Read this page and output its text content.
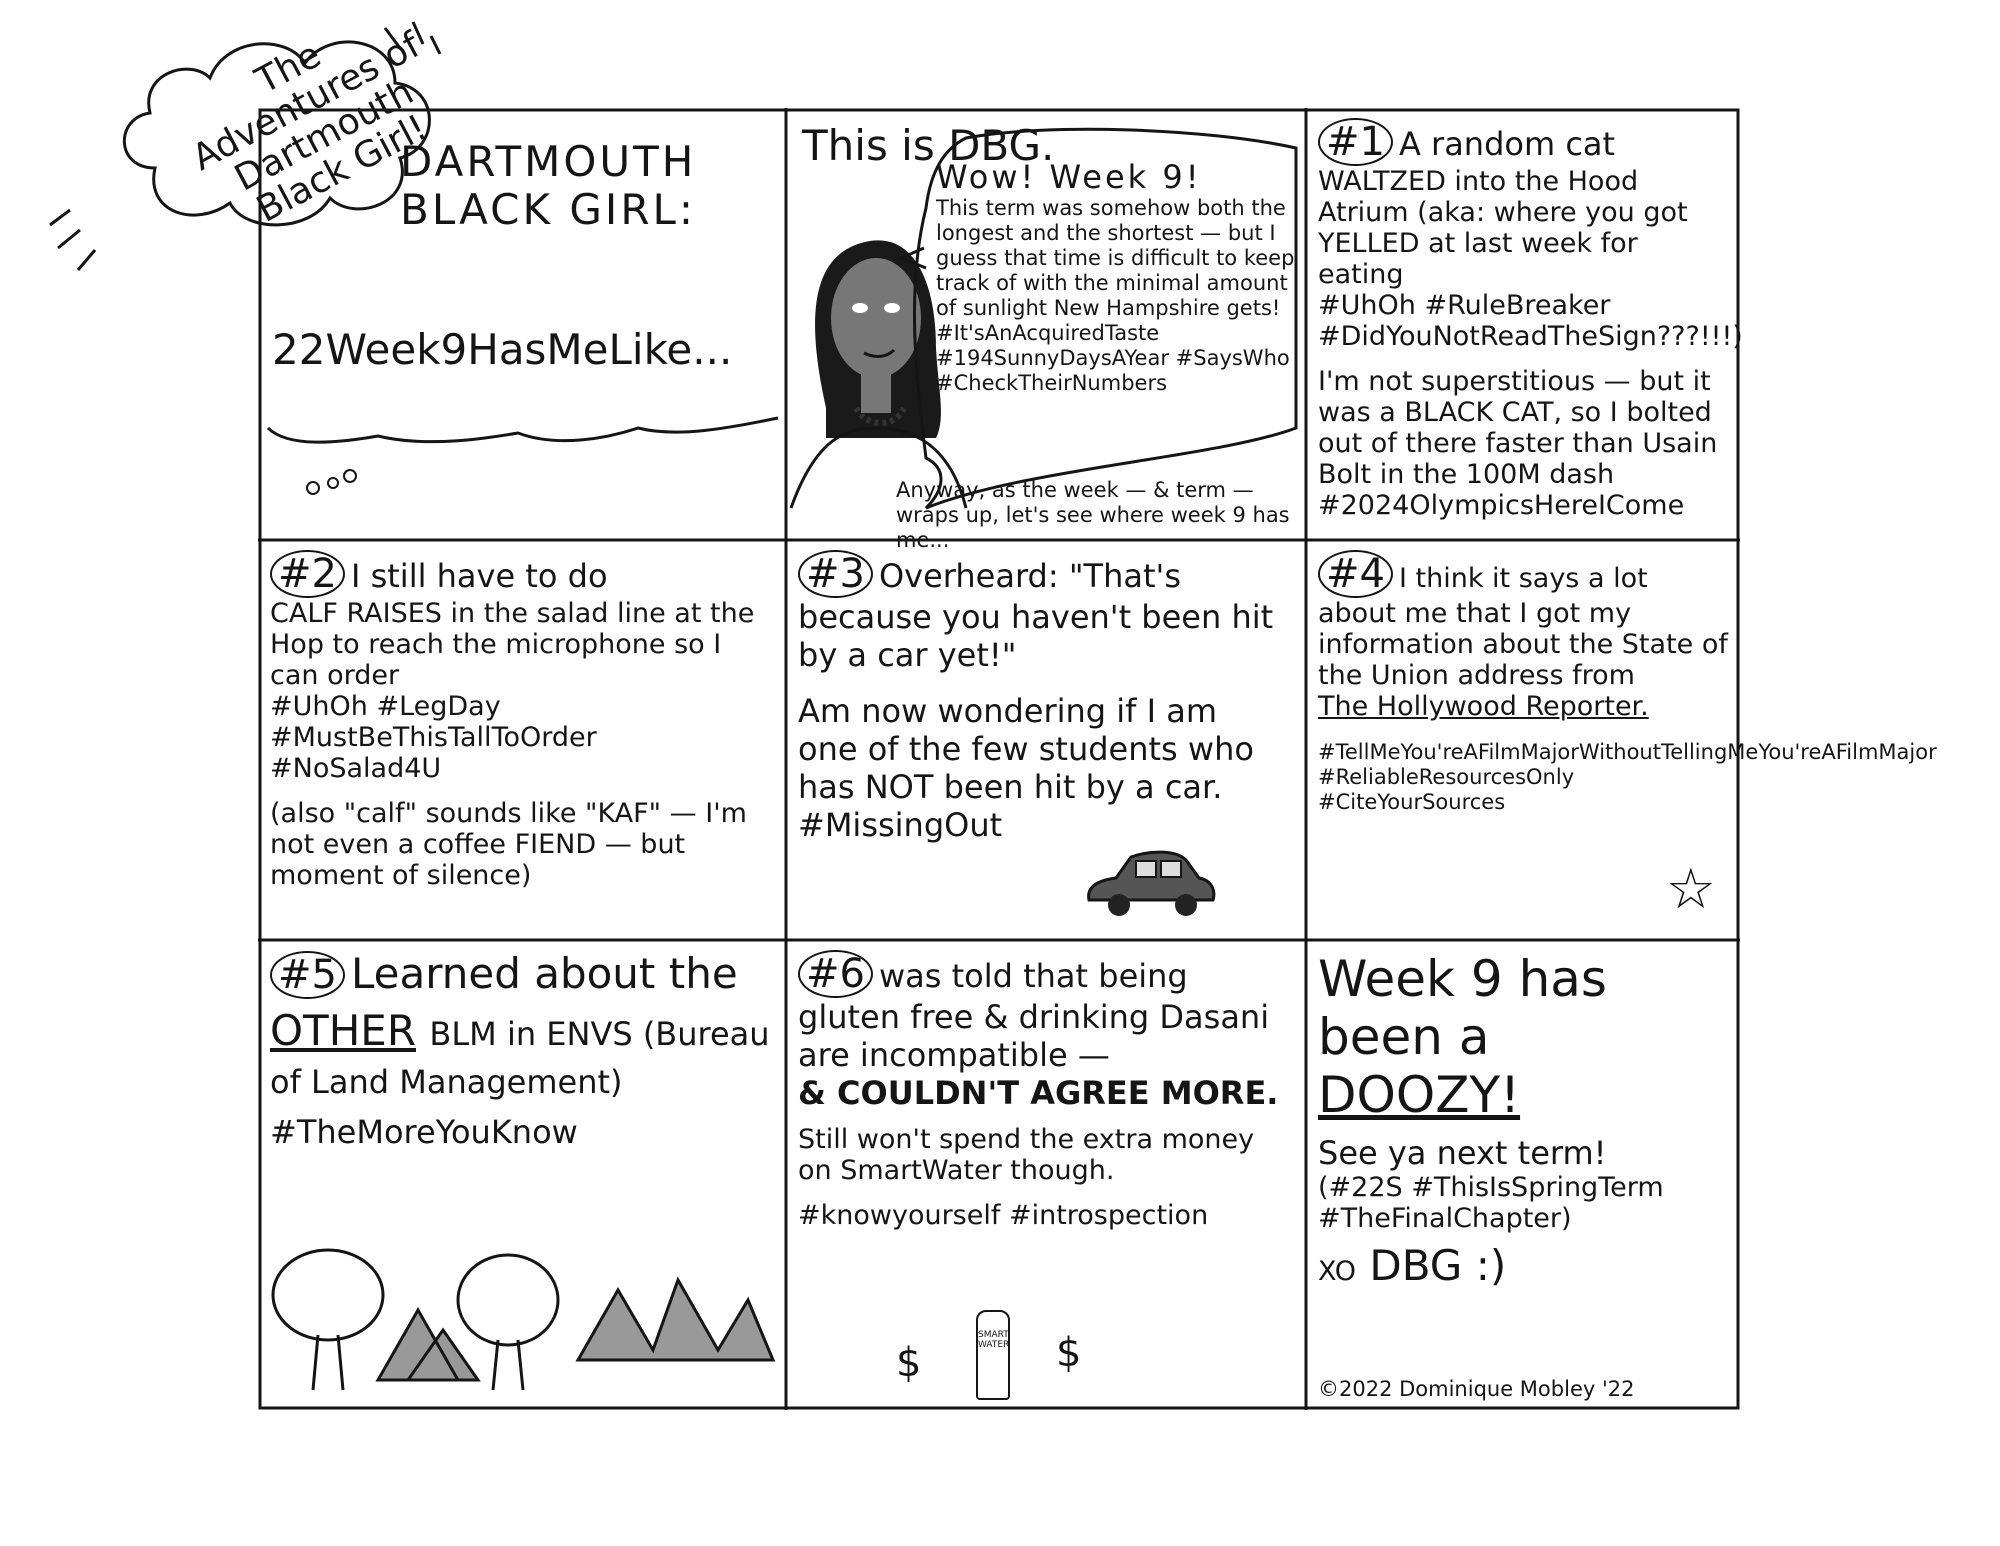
The Adventures of Dartmouth Black Girl!

DARTMOUTH BLACK GIRL:

22Week9HasMeLike...

This is DBG.

Wow! Week 9!

This term was somehow both the longest and the shortest — but I guess that time is difficult to keep track of with the minimal amount of sunlight New Hampshire gets! #It'sAnAcquiredTaste #194SunnyDaysAYear #SaysWho #CheckTheirNumbers

Anyway, as the week — & term — wraps up, let's see where week 9 has me...

#1 A random cat

WALTZED into the Hood Atrium (aka: where you got YELLED at last week for eating

#UhOh #RuleBreaker #DidYouNotReadTheSign???!!!)

I'm not superstitious — but it was a BLACK CAT, so I bolted out of there faster than Usain Bolt in the 100M dash #2024OlympicsHereICome

#2 I still have to do

CALF RAISES in the salad line at the Hop to reach the microphone so I can order

#UhOh #LegDay #MustBeThisTallToOrder #NoSalad4U

(also "calf" sounds like "KAF" — I'm not even a coffee FIEND — but moment of silence)

#3 Overheard: "That's because you haven't been hit by a car yet!"

Am now wondering if I am one of the few students who has NOT been hit by a car.

#MissingOut

#4 I think it says a lot about me that I got my information about the State of the Union address from

The Hollywood Reporter.

#TellMeYou'reAFilmMajorWithoutTellingMeYou'reAFilmMajor #ReliableResourcesOnly #CiteYourSources

☆

#5 Learned about the

OTHER BLM in ENVS (Bureau of Land Management)

#TheMoreYouKnow

#6 was told that being gluten free & drinking Dasani are incompatible —

& COULDN'T AGREE MORE.

Still won't spend the extra money on SmartWater though.

#knowyourself #introspection

$
SMART WATER $

Week 9 has been a

DOOZY!

See ya next term!

(#22S #ThisIsSpringTerm #TheFinalChapter)

XO DBG :)

©2022 Dominique Mobley '22
